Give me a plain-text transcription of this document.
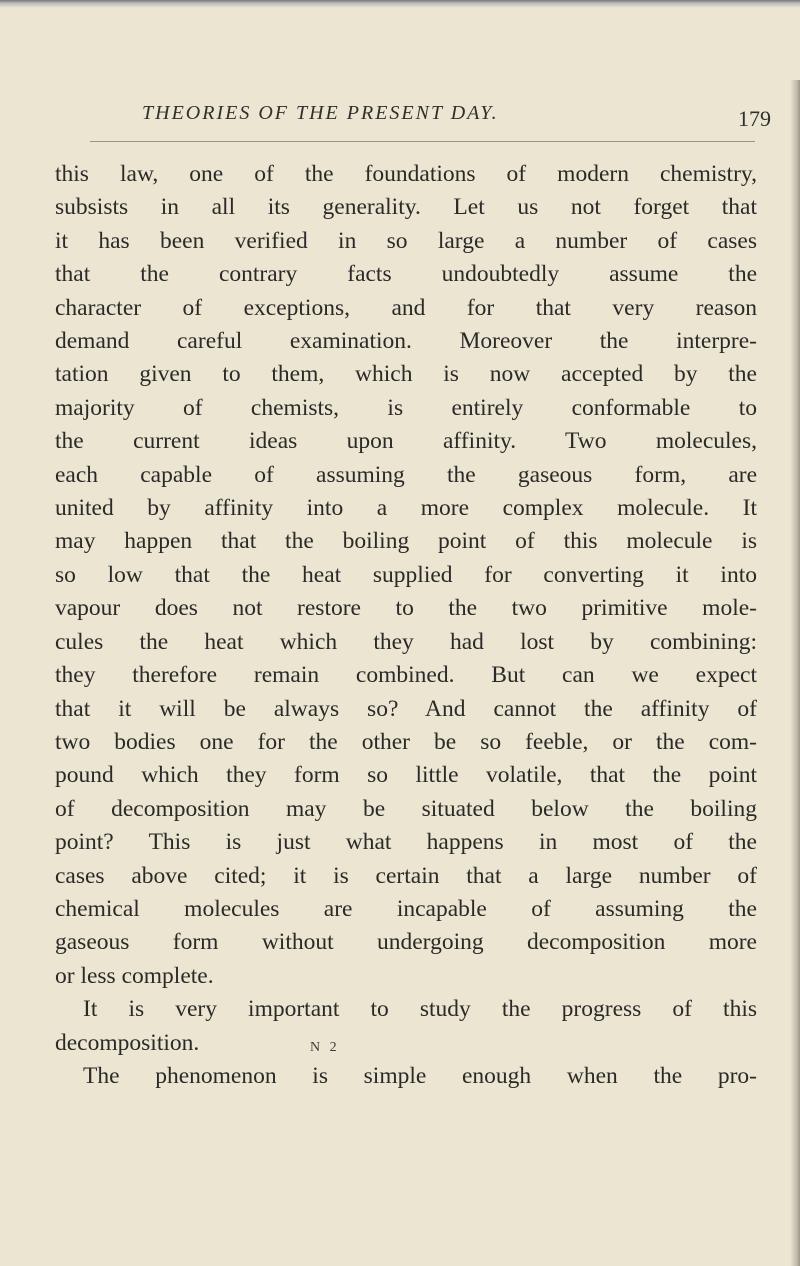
THEORIES OF THE PRESENT DAY.	179
this law, one of the foundations of modern chemistry,
subsists in all its generality. Let us not forget that
it has been verified in so large a number of cases
that the contrary facts undoubtedly assume the
character of exceptions, and for that very reason
demand careful examination. Moreover the interpre-
tation given to them, which is now accepted by the
majority of chemists, is entirely conformable to
the current ideas upon affinity. Two molecules,
each capable of assuming the gaseous form, are
united by affinity into a more complex molecule. It
may happen that the boiling point of this molecule is
so low that the heat supplied for converting it into
vapour does not restore to the two primitive mole-
cules the heat which they had lost by combining:
they therefore remain combined. But can we expect
that it will be always so? And cannot the affinity of
two bodies one for the other be so feeble, or the com-
pound which they form so little volatile, that the point
of decomposition may be situated below the boiling
point? This is just what happens in most of the
cases above cited; it is certain that a large number of
chemical molecules are incapable of assuming the
gaseous form without undergoing decomposition more
or less complete.
It is very important to study the progress of this
decomposition.
The phenomenon is simple enough when the pro-
N 2
